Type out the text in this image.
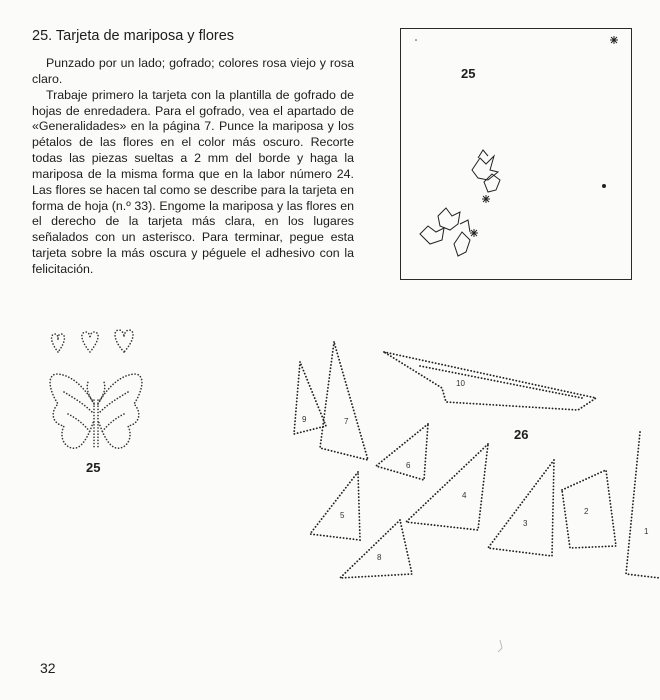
25. Tarjeta de mariposa y flores

Punzado por un lado; gofrado; colores rosa viejo y rosa claro.

Trabaje primero la tarjeta con la plantilla de gofrado de hojas de enredadera. Para el gofrado, vea el apartado de «Generalidades» en la página 7. Punce la mariposa y los pétalos de las flores en el color más oscuro. Recorte todas las piezas sueltas a 2 mm del borde y haga la mariposa de la misma forma que en la labor número 24. Las flores se hacen tal como se describe para la tarjeta en forma de hoja (n.º 33). Engome la mariposa y las flores en el derecho de la tarjeta más clara, en los lugares señalados con un asterisco. Para terminar, pegue esta tarjeta sobre la más oscura y péguele el adhesivo con la felicitación.

25
1
2
3
4
5
6
7
8
9
10
25
26
32
